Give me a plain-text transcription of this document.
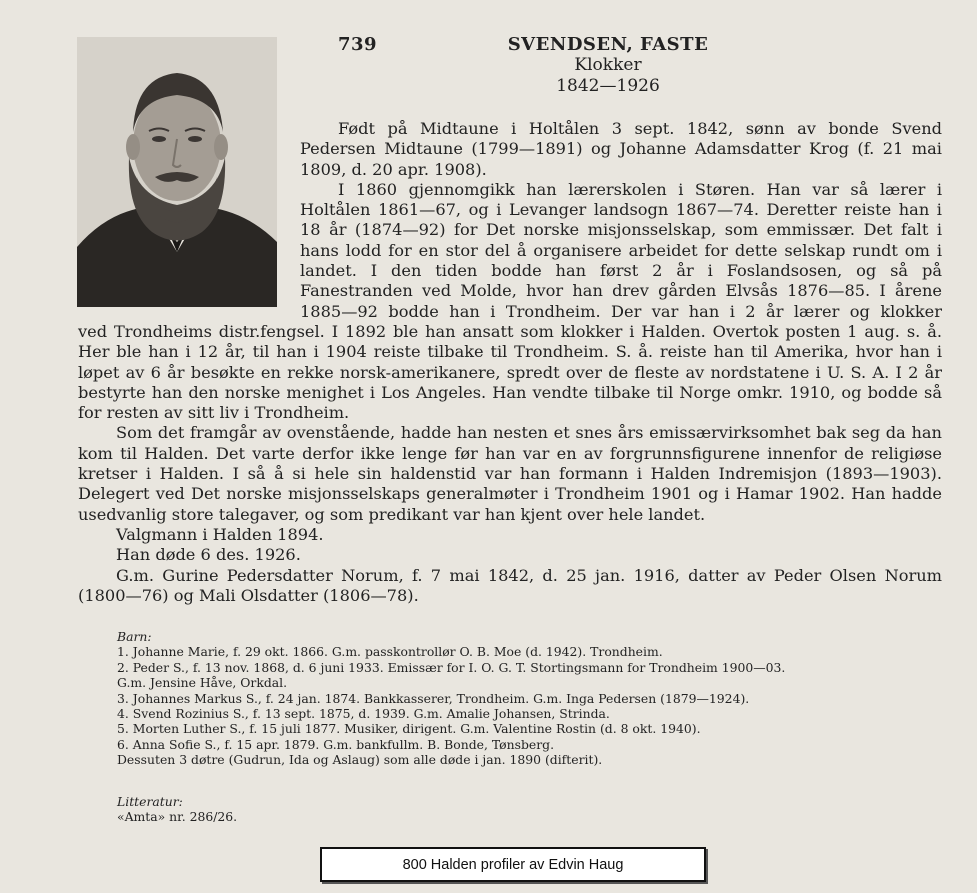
739	SVENDSEN, FASTE
Klokker
1842—1926

Født på Midtaune i Holtålen 3 sept. 1842, sønn av bonde Svend Pedersen Midtaune (1799—1891) og Johanne Adamsdatter Krog (f. 21 mai 1809, d. 20 apr. 1908).

I 1860 gjennomgikk han lærerskolen i Støren. Han var så lærer i Holtålen 1861—67, og i Levanger landsogn 1867—74. Deretter reiste han i 18 år (1874—92) for Det norske misjonsselskap, som emmissær. Det falt i hans lodd for en stor del å organisere arbeidet for dette selskap rundt om i landet. I den tiden bodde han først 2 år i Foslandsosen, og så på Fanestranden ved Molde, hvor han drev gården Elvsås 1876—85. I årene 1885—92 bodde han i Trondheim. Der var han i 2 år lærer og klokker

ved Trondheims distr.fengsel. I 1892 ble han ansatt som klokker i Halden. Overtok posten 1 aug. s. å. Her ble han i 12 år, til han i 1904 reiste tilbake til Trondheim. S. å. reiste han til Amerika, hvor han i løpet av 6 år besøkte en rekke norsk-amerikanere, spredt over de fleste av nordstatene i U. S. A. I 2 år bestyrte han den norske menighet i Los Angeles. Han vendte tilbake til Norge omkr. 1910, og bodde så for resten av sitt liv i Trondheim.

Som det framgår av ovenstående, hadde han nesten et snes års emissærvirksomhet bak seg da han kom til Halden. Det varte derfor ikke lenge før han var en av forgrunnsfigurene innenfor de religiøse kretser i Halden. I så å si hele sin haldenstid var han formann i Halden Indremisjon (1893—1903). Delegert ved Det norske misjonsselskaps generalmøter i Trondheim 1901 og i Hamar 1902. Han hadde usedvanlig store talegaver, og som predikant var han kjent over hele landet.

Valgmann i Halden 1894.

Han døde 6 des. 1926.

G.m. Gurine Pedersdatter Norum, f. 7 mai 1842, d. 25 jan. 1916, datter av Peder Olsen Norum (1800—76) og Mali Olsdatter (1806—78).

Barn:
1. Johanne Marie, f. 29 okt. 1866. G.m. passkontrollør O. B. Moe (d. 1942). Trondheim.
2. Peder S., f. 13 nov. 1868, d. 6 juni 1933. Emissær for I. O. G. T. Stortingsmann for Trondheim 1900—03.
G.m. Jensine Håve, Orkdal.
3. Johannes Markus S., f. 24 jan. 1874. Bankkasserer, Trondheim. G.m. Inga Pedersen (1879—1924).
4. Svend Rozinius S., f. 13 sept. 1875, d. 1939. G.m. Amalie Johansen, Strinda.
5. Morten Luther S., f. 15 juli 1877. Musiker, dirigent. G.m. Valentine Rostin (d. 8 okt. 1940).
6. Anna Sofie S., f. 15 apr. 1879. G.m. bankfullm. B. Bonde, Tønsberg.
Dessuten 3 døtre (Gudrun, Ida og Aslaug) som alle døde i jan. 1890 (difterit).
Litteratur:
«Amta» nr. 286/26.
800 Halden profiler av Edvin Haug
